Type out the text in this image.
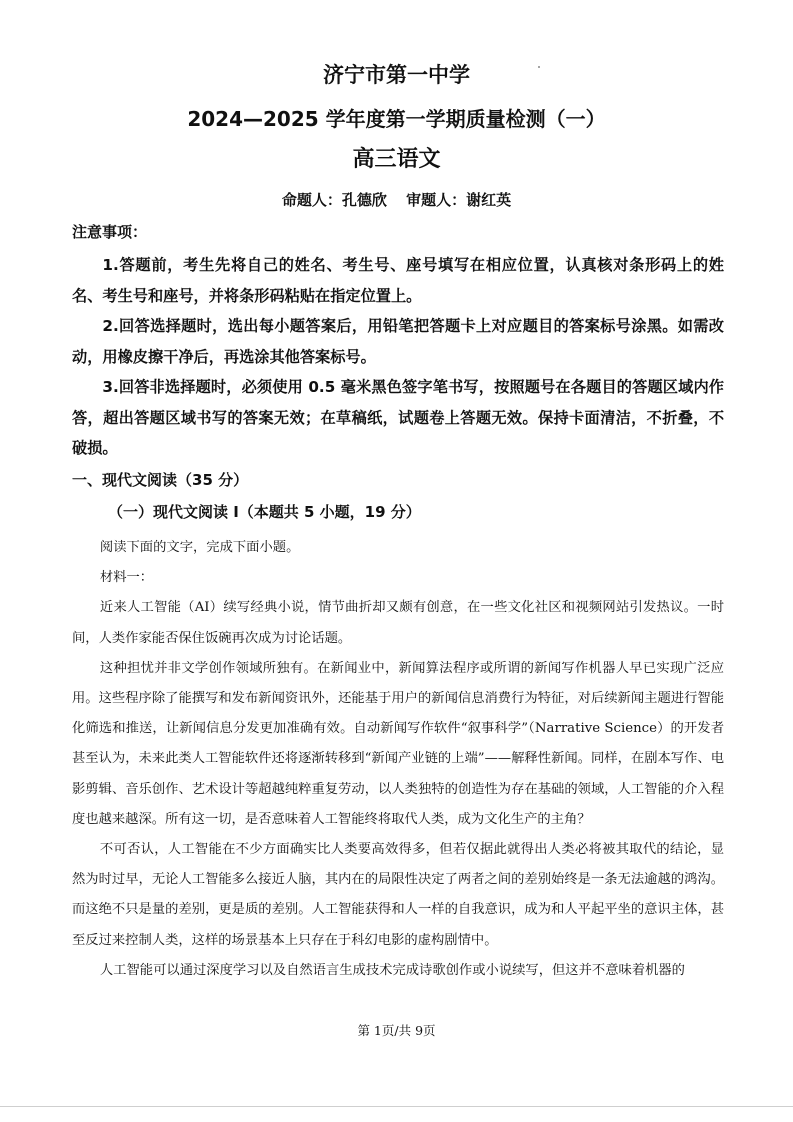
济宁市第一中学
2024—2025 学年度第一学期质量检测（一）
高三语文
命题人：孔德欣 审题人：谢红英
注意事项：

1.答题前，考生先将自己的姓名、考生号、座号填写在相应位置，认真核对条形码上的姓名、考生号和座号，并将条形码粘贴在指定位置上。

2.回答选择题时，选出每小题答案后，用铅笔把答题卡上对应题目的答案标号涂黑。如需改动，用橡皮擦干净后，再选涂其他答案标号。

3.回答非选择题时，必须使用 0.5 毫米黑色签字笔书写，按照题号在各题目的答题区域内作答，超出答题区域书写的答案无效；在草稿纸，试题卷上答题无效。保持卡面清洁，不折叠，不破损。

一、现代文阅读（35 分）
（一）现代文阅读 I（本题共 5 小题，19 分）

阅读下面的文字，完成下面小题。

材料一：

近来人工智能（AI）续写经典小说，情节曲折却又颇有创意，在一些文化社区和视频网站引发热议。一时间，人类作家能否保住饭碗再次成为讨论话题。

这种担忧并非文学创作领域所独有。在新闻业中，新闻算法程序或所谓的新闻写作机器人早已实现广泛应用。这些程序除了能撰写和发布新闻资讯外，还能基于用户的新闻信息消费行为特征，对后续新闻主题进行智能化筛选和推送，让新闻信息分发更加准确有效。自动新闻写作软件“叙事科学”（Narrative Science）的开发者甚至认为，未来此类人工智能软件还将逐渐转移到“新闻产业链的上端”——解释性新闻。同样，在剧本写作、电影剪辑、音乐创作、艺术设计等超越纯粹重复劳动，以人类独特的创造性为存在基础的领域，人工智能的介入程度也越来越深。所有这一切，是否意味着人工智能终将取代人类，成为文化生产的主角？

不可否认，人工智能在不少方面确实比人类要高效得多，但若仅据此就得出人类必将被其取代的结论，显然为时过早，无论人工智能多么接近人脑，其内在的局限性决定了两者之间的差别始终是一条无法逾越的鸿沟。而这绝不只是量的差别，更是质的差别。人工智能获得和人一样的自我意识，成为和人平起平坐的意识主体，甚至反过来控制人类，这样的场景基本上只存在于科幻电影的虚构剧情中。

人工智能可以通过深度学习以及自然语言生成技术完成诗歌创作或小说续写，但这并不意味着机器的

第 1页/共 9页
